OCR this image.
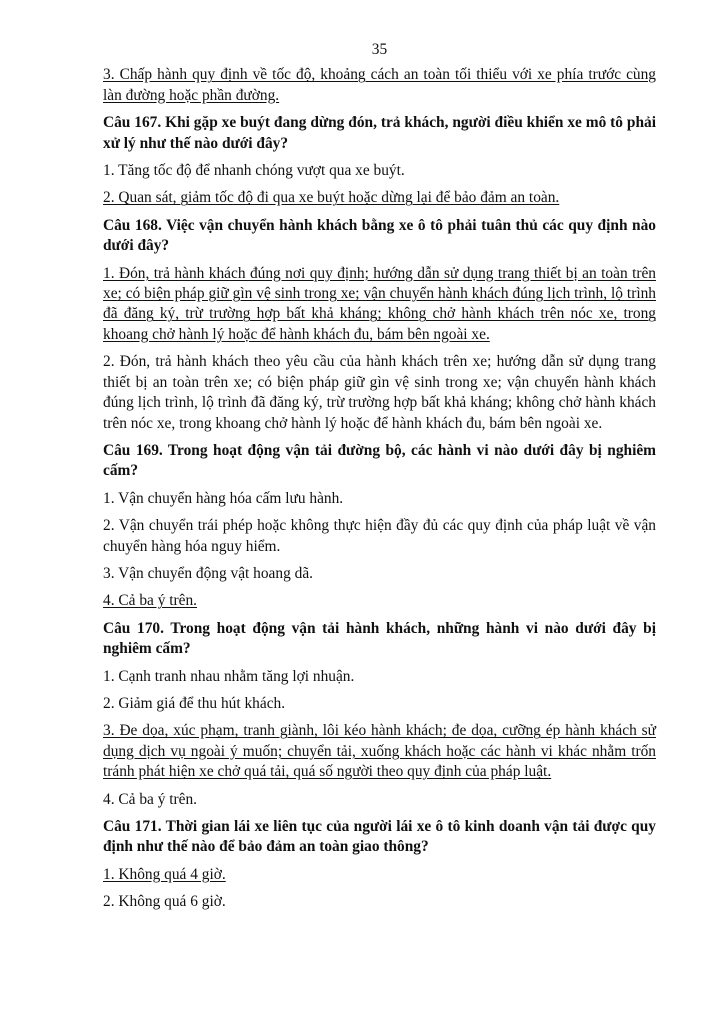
35
3. Chấp hành quy định về tốc độ, khoảng cách an toàn tối thiểu với xe phía trước cùng làn đường hoặc phần đường.
Câu 167. Khi gặp xe buýt đang dừng đón, trả khách, người điều khiển xe mô tô phải xử lý như thế nào dưới đây?
1. Tăng tốc độ để nhanh chóng vượt qua xe buýt.
2. Quan sát, giảm tốc độ đi qua xe buýt hoặc dừng lại để bảo đảm an toàn.
Câu 168. Việc vận chuyển hành khách bằng xe ô tô phải tuân thủ các quy định nào dưới đây?
1. Đón, trả hành khách đúng nơi quy định; hướng dẫn sử dụng trang thiết bị an toàn trên xe; có biện pháp giữ gìn vệ sinh trong xe; vận chuyển hành khách đúng lịch trình, lộ trình đã đăng ký, trừ trường hợp bất khả kháng; không chở hành khách trên nóc xe, trong khoang chở hành lý hoặc để hành khách đu, bám bên ngoài xe.
2. Đón, trả hành khách theo yêu cầu của hành khách trên xe; hướng dẫn sử dụng trang thiết bị an toàn trên xe; có biện pháp giữ gìn vệ sinh trong xe; vận chuyển hành khách đúng lịch trình, lộ trình đã đăng ký, trừ trường hợp bất khả kháng; không chở hành khách trên nóc xe, trong khoang chở hành lý hoặc để hành khách đu, bám bên ngoài xe.
Câu 169. Trong hoạt động vận tải đường bộ, các hành vi nào dưới đây bị nghiêm cấm?
1. Vận chuyển hàng hóa cấm lưu hành.
2. Vận chuyển trái phép hoặc không thực hiện đầy đủ các quy định của pháp luật về vận chuyển hàng hóa nguy hiểm.
3. Vận chuyển động vật hoang dã.
4. Cả ba ý trên.
Câu 170. Trong hoạt động vận tải hành khách, những hành vi nào dưới đây bị nghiêm cấm?
1. Cạnh tranh nhau nhằm tăng lợi nhuận.
2. Giảm giá để thu hút khách.
3. Đe dọa, xúc phạm, tranh giành, lôi kéo hành khách; đe dọa, cưỡng ép hành khách sử dụng dịch vụ ngoài ý muốn; chuyển tải, xuống khách hoặc các hành vi khác nhằm trốn tránh phát hiện xe chở quá tải, quá số người theo quy định của pháp luật.
4. Cả ba ý trên.
Câu 171. Thời gian lái xe liên tục của người lái xe ô tô kinh doanh vận tải được quy định như thế nào để bảo đảm an toàn giao thông?
1. Không quá 4 giờ.
2. Không quá 6 giờ.
